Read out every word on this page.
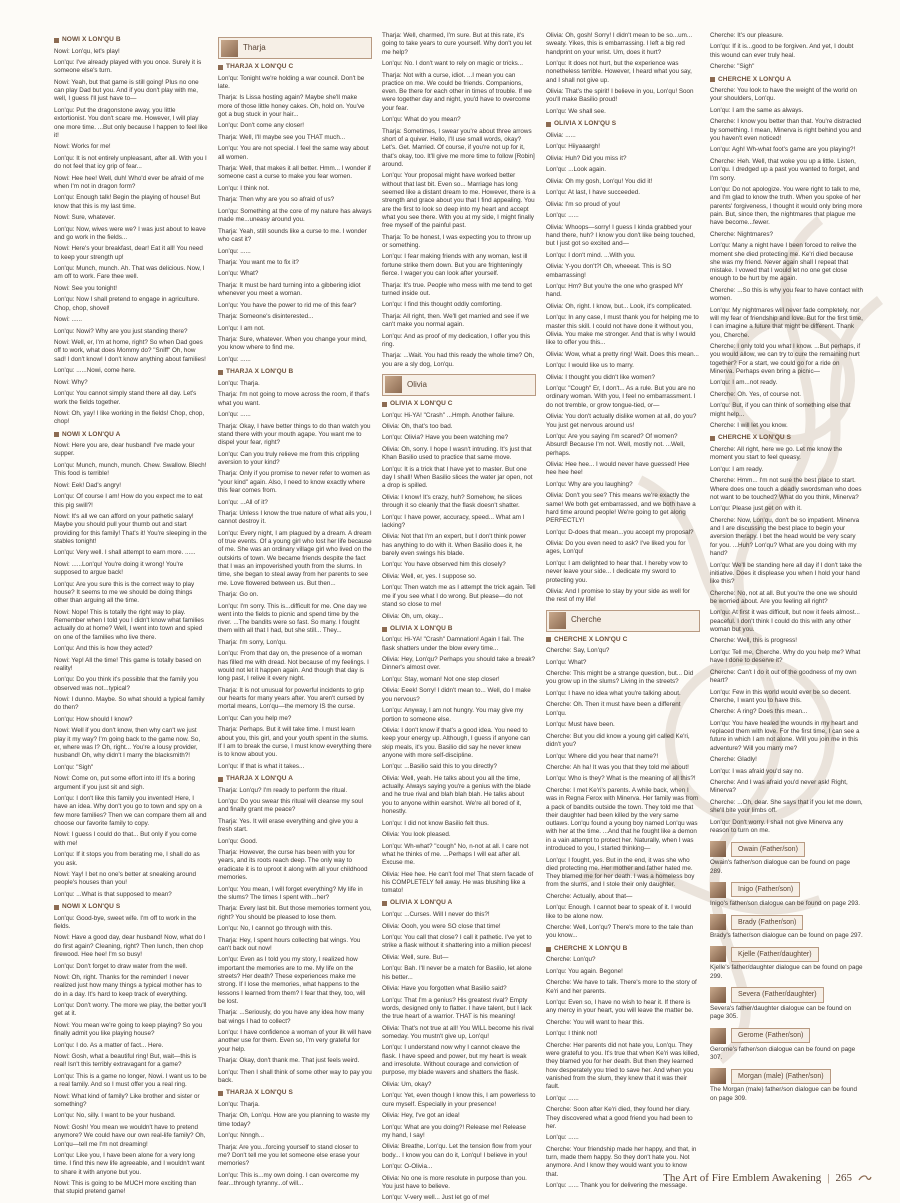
NOWI X LON'QU B

Nowi: Lon'qu, let's play!

Lon'qu: I've already played with you once. Surely it is someone else's turn.

Nowi: Yeah, but that game is still going! Plus no one can play Dad but you. And if you don't play with me, well, I guess I'll just have to—

Lon'qu: Put the dragonstone away, you little extortionist. You don't scare me. However, I will play one more time. ...But only because I happen to feel like it!

Nowi: Works for me!

Lon'qu: It is not entirely unpleasant, after all. With you I do not feel that icy grip of fear...

Nowi: Hee hee! Well, duh! Who'd ever be afraid of me when I'm not in dragon form?

Lon'qu: Enough talk! Begin the playing of house! But know that this is my last time.

Nowi: Sure, whatever.

Lon'qu: Now, wives were we? I was just about to leave and go work in the fields...

Nowi: Here's your breakfast, dear! Eat it all! You need to keep your strength up!

Lon'qu: Munch, munch. Ah. That was delicious. Now, I am off to work. Fare thee well.

Nowi: See you tonight!

Lon'qu: Now I shall pretend to engage in agriculture. Chop, chop, shovel!

Nowi: ......

Lon'qu: Nowi? Why are you just standing there?

Nowi: Well, er, I'm at home, right? So when Dad goes off to work, what does Mommy do? "Sniff" Oh, how sad! I don't know! I don't know anything about families!

Lon'qu: ......Nowi, come here.

Nowi: Why?

Lon'qu: You cannot simply stand there all day. Let's work the fields together.

Nowi: Oh, yay! I like working in the fields! Chop, chop, chop!

NOWI X LON'QU A

Nowi: Here you are, dear husband! I've made your supper.

Lon'qu: Munch, munch, munch. Chew. Swallow. Blech! This food is terrible!

Nowi: Eek! Dad's angry!

Lon'qu: Of course I am! How do you expect me to eat this pig swill?!

Nowi: It's all we can afford on your pathetic salary! Maybe you should pull your thumb out and start providing for this family! That's it! You're sleeping in the stables tonight!

Lon'qu: Very well. I shall attempt to earn more. ......

Nowi: ......Lon'qu! You're doing it wrong! You're supposed to argue back!

Lon'qu: Are you sure this is the correct way to play house? It seems to me we should be doing things other than arguing all the time.

Nowi: Nope! This is totally the right way to play. Remember when I told you I didn't know what families actually do at home? Well, I went into town and spied on one of the families who live there.

Lon'qu: And this is how they acted?

Nowi: Yep! All the time! This game is totally based on reality!

Lon'qu: Do you think it's possible that the family you observed was not...typical?

Nowi: I dunno. Maybe. So what should a typical family do then?

Lon'qu: How should I know?

Nowi: Well if you don't know, then why can't we just play it my way? I'm going back to the game now. So, er, where was I? Oh, right... You're a lousy provider, husband! Oh, why didn't I marry the blacksmith?!

Lon'qu: "Sigh"

Nowi: Come on, put some effort into it! It's a boring argument if you just sit and sigh.

Lon'qu: I don't like this family you invented! Here, I have an idea. Why don't you go to town and spy on a few more families? Then we can compare them all and choose our favorite family to copy.

Nowi: I guess I could do that... But only if you come with me!

Lon'qu: If it stops you from berating me, I shall do as you ask.

Nowi: Yay! I bet no one's better at sneaking around people's houses than you!

Lon'qu: ...What is that supposed to mean?

NOWI X LON'QU S

Lon'qu: Good-bye, sweet wife. I'm off to work in the fields.

Nowi: Have a good day, dear husband! Now, what do I do first again? Cleaning, right? Then lunch, then chop firewood. Hee hee! I'm so busy!

Lon'qu: Don't forget to draw water from the well.

Nowi: Oh, right. Thanks for the reminder! I never realized just how many things a typical mother has to do in a day. It's hard to keep track of everything.

Lon'qu: Don't worry. The more we play, the better you'll get at it.

Nowi: You mean we're going to keep playing? So you finally admit you like playing house?

Lon'qu: I do. As a matter of fact... Here.

Nowi: Gosh, what a beautiful ring! But, wait—this is real! Isn't this terribly extravagant for a game?

Lon'qu: This is a game no longer, Nowi. I want us to be a real family. And so I must offer you a real ring.

Nowi: What kind of family? Like brother and sister or something?

Lon'qu: No, silly. I want to be your husband.

Nowi: Gosh! You mean we wouldn't have to pretend anymore? We could have our own real-life family? Oh, Lon'qu—tell me I'm not dreaming!

Lon'qu: Like you, I have been alone for a very long time. I find this new life agreeable, and I wouldn't want to share it with anyone but you.

Nowi: This is going to be MUCH more exciting than that stupid pretend game!

Tharja
THARJA X LON'QU C

Lon'qu: Tonight we're holding a war council. Don't be late.

Tharja: Is Lissa hosting again? Maybe she'll make more of those little honey cakes. Oh, hold on. You've got a bug stuck in your hair...

Lon'qu: Don't come any closer!

Tharja: Well, I'll maybe see you THAT much...

Lon'qu: You are not special. I feel the same way about all women.

Tharja: Well, that makes it all better. Hmm... I wonder if someone cast a curse to make you fear women.

Lon'qu: I think not.

Tharja: Then why are you so afraid of us?

Lon'qu: Something at the core of my nature has always made me...uneasy around you.

Tharja: Yeah, still sounds like a curse to me. I wonder who cast it?

Lon'qu: ......

Tharja: You want me to fix it?

Lon'qu: What?

Tharja: It must be hard turning into a gibbering idiot whenever you meet a woman.

Lon'qu: You have the power to rid me of this fear?

Tharja: Someone's disinterested...

Lon'qu: I am not.

Tharja: Sure, whatever. When you change your mind, you know where to find me.

Lon'qu: ......

THARJA X LON'QU B

Lon'qu: Tharja.

Tharja: I'm not going to move across the room, if that's what you want.

Lon'qu: ......

Tharja: Okay, I have better things to do than watch you stand there with your mouth agape. You want me to dispel your fear, right?

Lon'qu: Can you truly relieve me from this crippling aversion to your kind?

Tharja: Only if you promise to never refer to women as "your kind" again. Also, I need to know exactly where this fear comes from.

Lon'qu: ...All of it?

Tharja: Unless I know the true nature of what ails you, I cannot destroy it.

Lon'qu: Every night, I am plagued by a dream. A dream of true events. Of a young girl who lost her life because of me. She was an ordinary village girl who lived on the outskirts of town. We became friends despite the fact that I was an impoverished youth from the slums. In time, she began to steal away from her parents to see me. Love flowered between us. But then...

Tharja: Go on.

Lon'qu: I'm sorry. This is...difficult for me. One day we went into the fields to picnic and spend time by the river. ...The bandits were so fast. So many. I fought them with all that I had, but she still... They...

Tharja: I'm sorry, Lon'qu.

Lon'qu: From that day on, the presence of a woman has filled me with dread. Not because of my feelings. I would not let it happen again. And though that day is long past, I relive it every night.

Tharja: It is not unusual for powerful incidents to grip our hearts for many years after. You aren't cursed by mortal means, Lon'qu—the memory IS the curse.

Lon'qu: Can you help me?

Tharja: Perhaps. But it will take time. I must learn about you, this girl, and your youth spent in the slums. If I am to break the curse, I must know everything there is to know about you.

Lon'qu: If that is what it takes...

THARJA X LON'QU A

Tharja: Lon'qu? I'm ready to perform the ritual.

Lon'qu: Do you swear this ritual will cleanse my soul and finally grant me peace?

Tharja: Yes. It will erase everything and give you a fresh start.

Lon'qu: Good.

Tharja: However, the curse has been with you for years, and its roots reach deep. The only way to eradicate it is to uproot it along with all your childhood memories.

Lon'qu: You mean, I will forget everything? My life in the slums? The times I spent with...her?

Tharja: Every last bit. But those memories torment you, right? You should be pleased to lose them.

Lon'qu: No, I cannot go through with this.

Tharja: Hey, I spent hours collecting bat wings. You can't back out now!

Lon'qu: Even as I told you my story, I realized how important the memories are to me. My life on the streets? Her death? These experiences make me strong. If I lose the memories, what happens to the lessons I learned from them? I fear that they, too, will be lost.

Tharja: ...Seriously, do you have any idea how many bat wings I had to collect?

Lon'qu: I have confidence a woman of your ilk will have another use for them. Even so, I'm very grateful for your help.

Tharja: Okay, don't thank me. That just feels weird.

Lon'qu: Then I shall think of some other way to pay you back.

THARJA X LON'QU S

Lon'qu: Tharja.

Tharja: Oh, Lon'qu. How are you planning to waste my time today?

Lon'qu: Nnngh...

Tharja: Are you...forcing yourself to stand closer to me? Don't tell me you let someone else erase your memories?

Lon'qu: This is...my own doing. I can overcome my fear...through tyranny...of will...

Tharja: Well, charmed, I'm sure. But at this rate, it's going to take years to cure yourself. Why don't you let me help?

Lon'qu: No. I don't want to rely on magic or tricks...

Tharja: Not with a curse, idiot. ...I mean you can practice on me. We could be friends. Companions, even. Be there for each other in times of trouble. If we were together day and night, you'd have to overcome your fear.

Lon'qu: What do you mean?

Tharja: Sometimes, I swear you're about three arrows short of a quiver. Hello, I'll use small words, okay? Let's. Get. Married. Of course, if you're not up for it, that's okay, too. It'll give me more time to follow [Robin] around.

Lon'qu: Your proposal might have worked better without that last bit. Even so... Marriage has long seemed like a distant dream to me. However, there is a strength and grace about you that I find appealing. You are the first to look so deep into my heart and accept what you see there. With you at my side, I might finally free myself of the painful past.

Tharja: To be honest, I was expecting you to throw up or something.

Lon'qu: I fear making friends with any woman, lest ill fortune strike them down. But you are frighteningly fierce. I wager you can look after yourself.

Tharja: It's true. People who mess with me tend to get turned inside out.

Lon'qu: I find this thought oddly comforting.

Tharja: All right, then. We'll get married and see if we can't make you normal again.

Lon'qu: And as proof of my dedication, I offer you this ring.

Tharja: ...Wait. You had this ready the whole time? Oh, you are a sly dog, Lon'qu.

Olivia
OLIVIA X LON'QU C

Lon'qu: Hi-YA! "Crash" ...Hmph. Another failure.

Olivia: Oh, that's too bad.

Lon'qu: Olivia? Have you been watching me?

Olivia: Oh, sorry. I hope I wasn't intruding. It's just that Khan Basilio used to practice that same move.

Lon'qu: It is a trick that I have yet to master. But one day I shall! When Basilio slices the water jar open, not a drop is spilled.

Olivia: I know! It's crazy, huh? Somehow, he slices through it so cleanly that the flask doesn't shatter.

Lon'qu: I have power, accuracy, speed... What am I lacking?

Olivia: Not that I'm an expert, but I don't think power has anything to do with it. When Basilio does it, he barely even swings his blade.

Lon'qu: You have observed him this closely?

Olivia: Well, er, yes. I suppose so.

Lon'qu: Then watch me as I attempt the trick again. Tell me if you see what I do wrong. But please—do not stand so close to me!

Olivia: Oh, um, okay...

OLIVIA X LON'QU B

Lon'qu: Hi-YA! "Crash" Damnation! Again I fail. The flask shatters under the blow every time...

Olivia: Hey, Lon'qu? Perhaps you should take a break? Dinner's almost over.

Lon'qu: Stay, woman! Not one step closer!

Olivia: Eeek! Sorry! I didn't mean to... Well, do I make you nervous?

Lon'qu: Anyway, I am not hungry. You may give my portion to someone else.

Olivia: I don't know if that's a good idea. You need to keep your energy up. Although, I guess if anyone can skip meals, it's you. Basilio did say he never knew anyone with more self-discipline.

Lon'qu: ...Basilio said this to you directly?

Olivia: Well, yeah. He talks about you all the time, actually. Always saying you're a genius with the blade and he true rival and blah blah blah. He talks about you to anyone within earshot. We're all bored of it, honestly.

Lon'qu: I did not know Basilio felt thus.

Olivia: You look pleased.

Lon'qu: Wh-what? "cough" No, n-not at all. I care not what he thinks of me. ...Perhaps I will eat after all. Excuse me.

Olivia: Hee hee. He can't fool me! That stern facade of his COMPLETELY fell away. He was blushing like a tomato!

OLIVIA X LON'QU A

Lon'qu: ...Curses. Will I never do this?!

Olivia: Oooh, you were SO close that time!

Lon'qu: You call that close? I call it pathetic. I've yet to strike a flask without it shattering into a million pieces!

Olivia: Well, sure. But—

Lon'qu: Bah. I'll never be a match for Basilio, let alone his better...

Olivia: Have you forgotten what Basilio said?

Lon'qu: That I'm a genius? His greatest rival? Empty words, designed only to flatter. I have talent, but I lack the true heart of a warrior. THAT is his meaning!

Olivia: That's not true at all! You WILL become his rival someday. You mustn't give up, Lon'qu!

Lon'qu: I understand now why I cannot cleave the flask. I have speed and power, but my heart is weak and irresolute. Without courage and conviction of purpose, my blade wavers and shatters the flask.

Olivia: Um, okay?

Lon'qu: Yet, even though I know this, I am powerless to cure myself. Especially in your presence!

Olivia: Hey, I've got an idea!

Lon'qu: What are you doing?! Release me! Release my hand, I say!

Olivia: Breathe, Lon'qu. Let the tension flow from your body... I know you can do it, Lon'qu! I believe in you!

Lon'qu: O-Olivia...

Olivia: No one is more resolute in purpose than you. You just have to believe.

Lon'qu: V-very well... Just let go of me!

Olivia: Oh, gosh! Sorry! I didn't mean to be so...um... sweaty. Yikes, this is embarrassing. I left a big red handprint on your wrist. Um, does it hurt?

Lon'qu: It does not hurt, but the experience was nonetheless terrible. However, I heard what you say, and I shall not give up.

Olivia: That's the spirit! I believe in you, Lon'qu! Soon you'll make Basilio proud!

Lon'qu: We shall see.

OLIVIA X LON'QU S

Olivia: ......

Lon'qu: Hiiyaaargh!

Olivia: Huh? Did you miss it?

Lon'qu: ...Look again.

Olivia: Oh my gosh, Lon'qu! You did it!

Lon'qu: At last, I have succeeded.

Olivia: I'm so proud of you!

Lon'qu: ......

Olivia: Whoops—sorry! I guess I kinda grabbed your hand there, huh? I know you don't like being touched, but I just got so excited and—

Lon'qu: I don't mind. ...With you.

Olivia: Y-you don't?! Oh, wheeeat. This is SO embarrassing!

Lon'qu: Hm? But you're the one who grasped MY hand.

Olivia: Oh, right. I know, but... Look, it's complicated.

Lon'qu: In any case, I must thank you for helping me to master this skill. I could not have done it without you, Olivia. You make me stronger. And that is why I would like to offer you this...

Olivia: Wow, what a pretty ring! Wait. Does this mean...

Lon'qu: I would like us to marry.

Olivia: I thought you didn't like women?

Lon'qu: "Cough" Er, I don't... As a rule. But you are no ordinary woman. With you, I feel no embarrassment. I do not tremble, or grow tongue-tied, or—

Olivia: You don't actually dislike women at all, do you? You just get nervous around us!

Lon'qu: Are you saying I'm scared? Of women? Absurd! Because I'm not. Well, mostly not. ...Well, perhaps.

Olivia: Hee hee... I would never have guessed! Hee hee hee hee!

Lon'qu: Why are you laughing?

Olivia: Don't you see? This means we're exactly the same! We both get embarrassed, and we both have a hard time around people! We're going to get along PERFECTLY!

Lon'qu: D-does that mean...you accept my proposal?

Olivia: Do you even need to ask? I've liked you for ages, Lon'qu!

Lon'qu: I am delighted to hear that. I hereby vow to never leave your side... I dedicate my sword to protecting you.

Olivia: And I promise to stay by your side as well for the rest of my life!

Cherche
CHERCHE X LON'QU C

Cherche: Say, Lon'qu?

Lon'qu: What?

Cherche: This might be a strange question, but... Did you grow up in the slums? Living in the streets?

Lon'qu: I have no idea what you're talking about.

Cherche: Oh. Then it must have been a different Lon'qu.

Lon'qu: Must have been.

Cherche: But you did know a young girl called Ke'ri, didn't you?

Lon'qu: Where did you hear that name?!

Cherche: Ah ha! It was you that they told me about!

Lon'qu: Who is they? What is the meaning of all this?!

Cherche: I met Ke'ri's parents. A while back, when I was in Regna Ferox with Minerva. Her family was from a pack of bandits outside the town. They told me that their daughter had been killed by the very same outlaws. Lon'qu found a young boy named Lon'qu was with her at the time. ...And that he fought like a demon in a vain attempt to protect her. Naturally, when I was introduced to you, I started thinking—

Lon'qu: I fought, yes. But in the end, it was she who died protecting me. Her mother and father hated me. They blamed me for her death. I was a homeless boy from the slums, and I stole their only daughter.

Cherche: Actually, about that—

Lon'qu: Enough. I cannot bear to speak of it. I would like to be alone now.

Cherche: Well, Lon'qu? There's more to the tale than you know...

CHERCHE X LON'QU B

Cherche: Lon'qu?

Lon'qu: You again. Begone!

Cherche: We have to talk. There's more to the story of Ke'ri and her parents.

Lon'qu: Even so, I have no wish to hear it. If there is any mercy in your heart, you will leave the matter be.

Cherche: You will want to hear this.

Lon'qu: I think not!

Cherche: Her parents did not hate you, Lon'qu. They were grateful to you. It's true that when Ke'ri was killed, they blamed you for her death. But then they learned how desperately you tried to save her. And when you vanished from the slum, they knew that it was their fault.

Lon'qu: ......

Cherche: Soon after Ke'ri died, they found her diary. They discovered what a good friend you had been to her.

Lon'qu: ......

Cherche: Your friendship made her happy, and that, in turn, made them happy. So they don't hate you. Not anymore. And I know they would want you to know that.

Lon'qu: ...... Thank you for delivering the message.

Cherche: It's our pleasure.

Lon'qu: If it is...good to be forgiven. And yet, I doubt this wound can ever truly heal.

Cherche: "Sigh"

CHERCHE X LON'QU A

Cherche: You look to have the weight of the world on your shoulders, Lon'qu.

Lon'qu: I am the same as always.

Cherche: I know you better than that. You're distracted by something. I mean, Minerva is right behind you and you haven't even noticed!

Lon'qu: Agh! Wh-what foot's game are you playing?!

Cherche: Heh. Well, that woke you up a little. Listen, Lon'qu. I dredged up a past you wanted to forget, and I'm sorry.

Lon'qu: Do not apologize. You were right to talk to me, and I'm glad to know the truth. When you spoke of her parents' forgiveness, I thought it would only bring more pain. But, since then, the nightmares that plague me have become...fewer.

Cherche: Nightmares?

Lon'qu: Many a night have I been forced to relive the moment she died protecting me. Ke'ri died because she was my friend. Never again shall I repeat that mistake. I vowed that I would let no one get close enough to be hurt by me again.

Cherche: ...So this is why you fear to have contact with women.

Lon'qu: My nightmares will never fade completely, nor will my fear of friendship and love. But for the first time, I can imagine a future that might be different. Thank you, Cherche.

Cherche: I only told you what I know. ...But perhaps, if you would allow, we can try to cure the remaining hurt together? For a start, we could go for a ride on Minerva. Perhaps even bring a picnic—

Lon'qu: I am...not ready.

Cherche: Oh. Yes, of course not.

Lon'qu: But, if you can think of something else that might help...

Cherche: I will let you know.

CHERCHE X LON'QU S

Cherche: All right, here we go. Let me know the moment you start to feel queasy.

Lon'qu: I am ready.

Cherche: Hmm... I'm not sure the best place to start. Where does one touch a deadly swordsman who does not want to be touched? What do you think, Minerva?

Lon'qu: Please just get on with it.

Cherche: Now, Lon'qu, don't be so impatient. Minerva and I are discussing the best place to begin your aversion therapy. I bet the head would be very scary for you. ...Huh? Lon'qu? What are you doing with my hand?

Lon'qu: We'll be standing here all day if I don't take the initiative. Does it displease you when I hold your hand like this?

Cherche: No, not at all. But you're the one we should be worried about. Are you feeling all right?

Lon'qu: At first it was difficult, but now it feels almost... peaceful. I don't think I could do this with any other woman but you.

Cherche: Well, this is progress!

Lon'qu: Tell me, Cherche. Why do you help me? What have I done to deserve it?

Cherche: Can't I do it out of the goodness of my own heart?

Lon'qu: Few in this world would ever be so decent. Cherche, I want you to have this.

Cherche: A ring? Does this mean...

Lon'qu: You have healed the wounds in my heart and replaced them with love. For the first time, I can see a future in which I am not alone. Will you join me in this adventure? Will you marry me?

Cherche: Gladly!

Lon'qu: I was afraid you'd say no.

Cherche: And I was afraid you'd never ask! Right, Minerva?

Cherche: ...Oh, dear. She says that if you let me down, she'll bite your limbs off.

Lon'qu: Don't worry. I shall not give Minerva any reason to turn on me.

Owain (Father/son)
Owain's father/son dialogue can be found on page 289.
Inigo (Father/son)
Inigo's father/son dialogue can be found on page 293.
Brady (Father/son)
Brady's father/son dialogue can be found on page 297.
Kjelle (Father/daughter)
Kjelle's father/daughter dialogue can be found on page 299.
Severa (Father/daughter)
Severa's father/daughter dialogue can be found on page 305.
Gerome (Father/son)
Gerome's father/son dialogue can be found on page 307.
Morgan (male) (Father/son)
The Morgan (male) father/son dialogue can be found on page 309.
The Art of Fire Emblem Awakening | 265
